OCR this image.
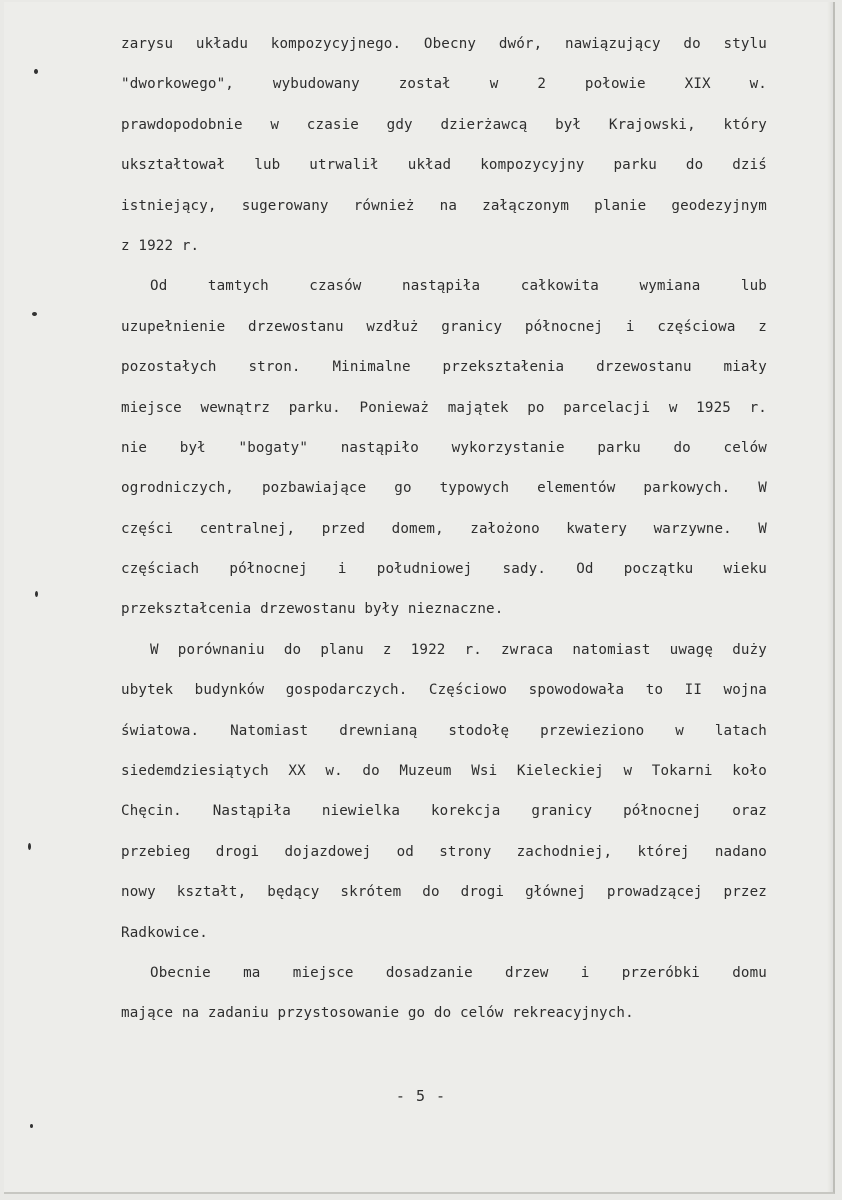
zarysu układu kompozycyjnego. Obecny dwór, nawiązujący do stylu
"dworkowego", wybudowany został w 2 połowie XIX w.
prawdopodobnie w czasie gdy dzierżawcą był Krajowski, który
ukształtował lub utrwalił układ kompozycyjny parku do dziś
istniejący, sugerowany również na załączonym planie geodezyjnym
z 1922 r.
Od tamtych czasów nastąpiła całkowita wymiana lub
uzupełnienie drzewostanu wzdłuż granicy północnej i częściowa z
pozostałych stron. Minimalne przekształenia drzewostanu miały
miejsce wewnątrz parku. Ponieważ majątek po parcelacji w 1925 r.
nie był "bogaty" nastąpiło wykorzystanie parku do celów
ogrodniczych, pozbawiające go typowych elementów parkowych. W
części centralnej, przed domem, założono kwatery warzywne. W
częściach północnej i południowej sady. Od początku wieku
przekształcenia drzewostanu były nieznaczne.
W porównaniu do planu z 1922 r. zwraca natomiast uwagę duży
ubytek budynków gospodarczych. Częściowo spowodowała to II wojna
światowa. Natomiast drewnianą stodołę przewieziono w latach
siedemdziesiątych XX w. do Muzeum Wsi Kieleckiej w Tokarni koło
Chęcin. Nastąpiła niewielka korekcja granicy północnej oraz
przebieg drogi dojazdowej od strony zachodniej, której nadano
nowy kształt, będący skrótem do drogi głównej prowadzącej przez
Radkowice.
Obecnie ma miejsce dosadzanie drzew i przeróbki domu
mające na zadaniu przystosowanie go do celów rekreacyjnych.
- 5 -
